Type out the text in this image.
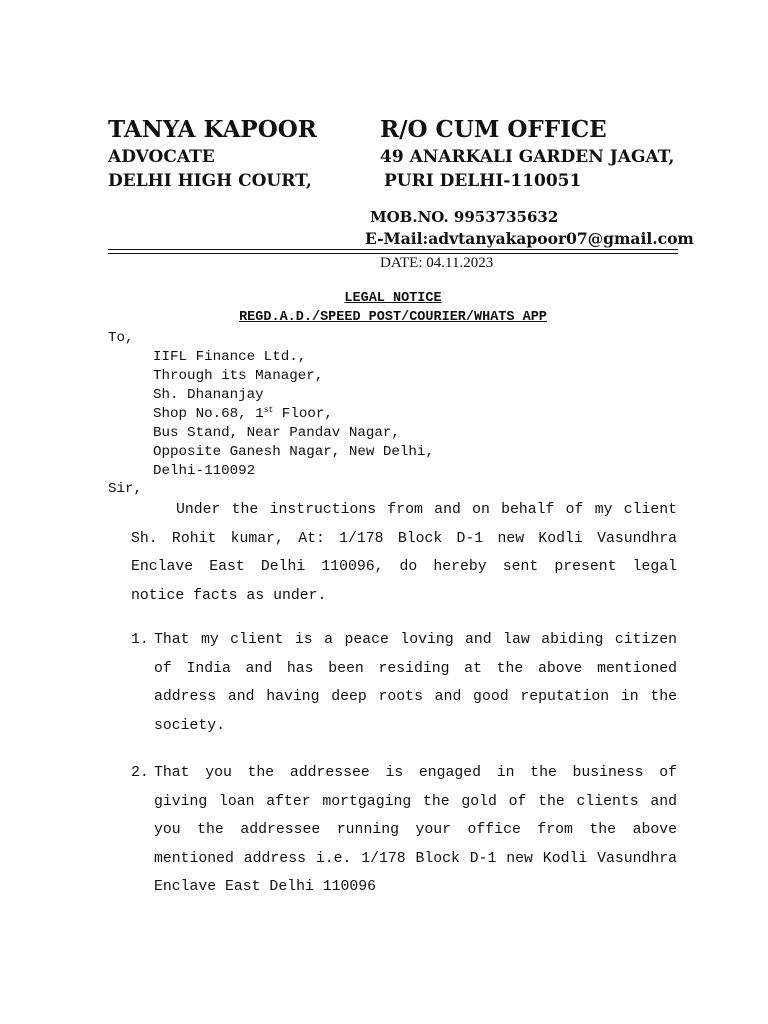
TANYA KAPOOR	R/O CUM OFFICE
ADVOCATE	49 ANARKALI GARDEN JAGAT,
DELHI HIGH COURT,	PURI DELHI-110051
MOB.NO. 9953735632
E-Mail:advtanyakapoor07@gmail.com
DATE: 04.11.2023
LEGAL NOTICE
REGD.A.D./SPEED POST/COURIER/WHATS APP
To,
IIFL Finance Ltd.,
Through its Manager,
Sh. Dhananjay
Shop No.68, 1st Floor,
Bus Stand, Near Pandav Nagar,
Opposite Ganesh Nagar, New Delhi,
Delhi-110092
Sir,
Under the instructions from and on behalf of my client Sh. Rohit kumar, At: 1/178 Block D-1 new Kodli Vasundhra Enclave East Delhi 110096, do hereby sent present legal notice facts as under.
1. That my client is a peace loving and law abiding citizen of India and has been residing at the above mentioned address and having deep roots and good reputation in the society.
2. That you the addressee is engaged in the business of giving loan after mortgaging the gold of the clients and you the addressee running your office from the above mentioned address i.e. 1/178 Block D-1 new Kodli Vasundhra Enclave East Delhi 110096
